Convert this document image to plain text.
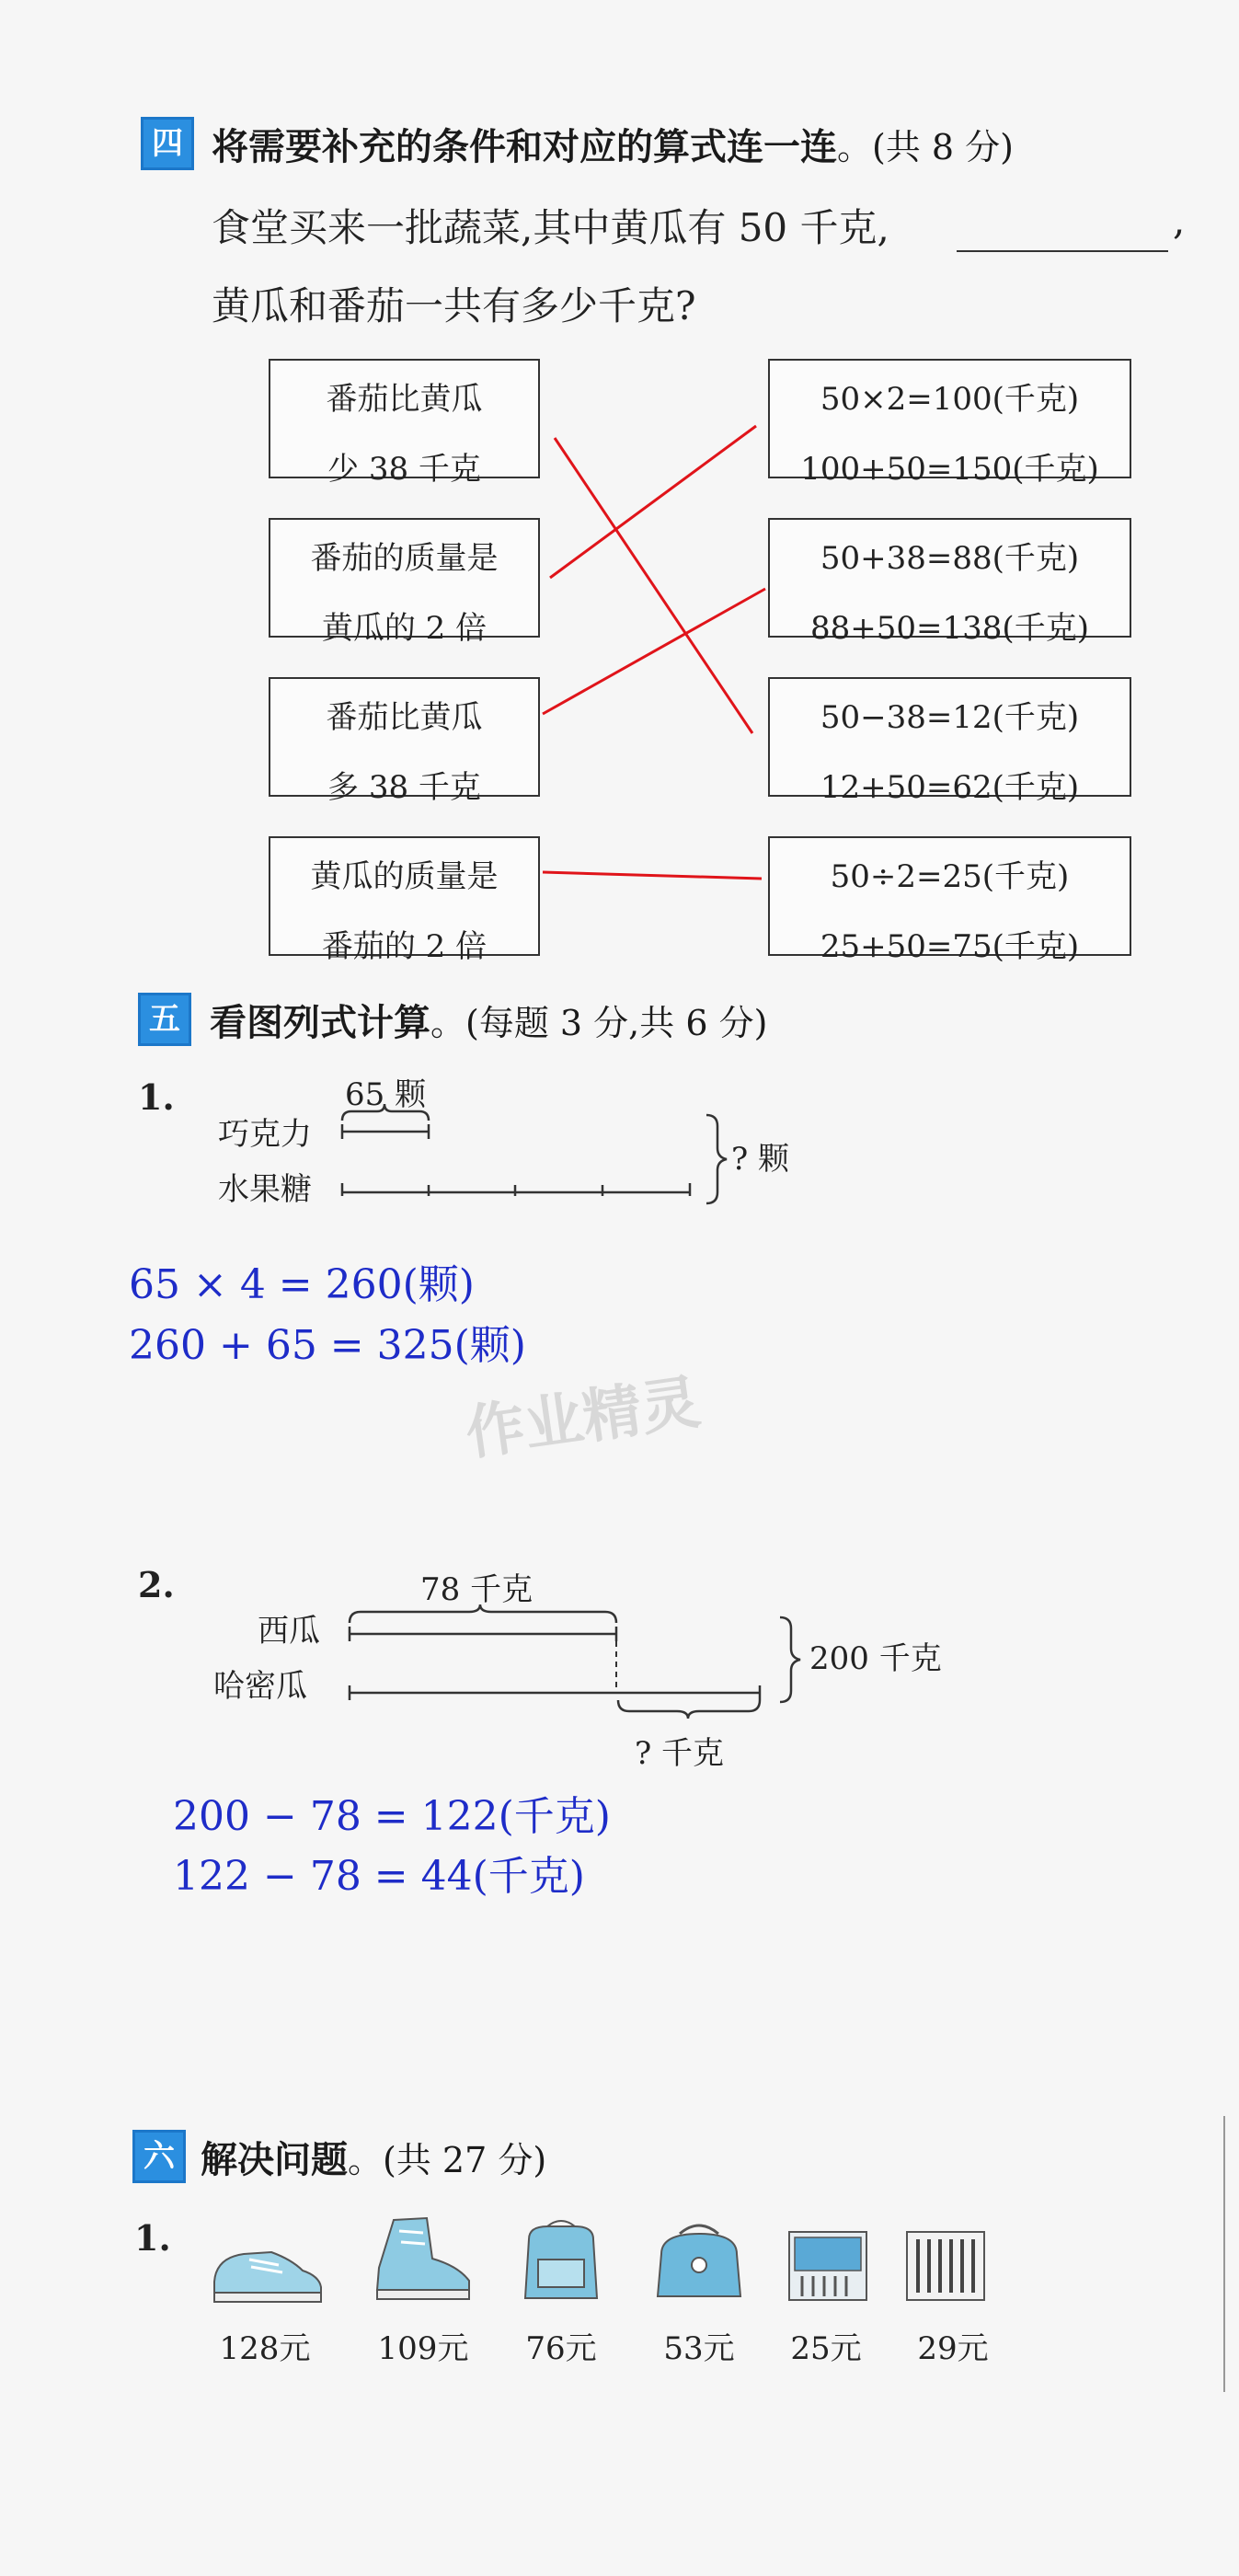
四 将需要补充的条件和对应的算式连一连。(共 8 分)
食堂买来一批蔬菜,其中黄瓜有 50 千克,	,
黄瓜和番茄一共有多少千克?
番茄比黄瓜
少 38 千克
番茄的质量是
黄瓜的 2 倍
番茄比黄瓜
多 38 千克
黄瓜的质量是
番茄的 2 倍
50×2=100(千克)
100+50=150(千克)
50+38=88(千克)
88+50=138(千克)
50−38=12(千克)
12+50=62(千克)
50÷2=25(千克)
25+50=75(千克)
五 看图列式计算。(每题 3 分,共 6 分)
1.	65 颗
巧克力
水果糖
? 颗
65 × 4 = 260(颗)
260 + 65 = 325(颗)
作业精灵
2.	78 千克
西瓜
哈密瓜
200 千克
? 千克
200 − 78 = 122(千克)
122 − 78 = 44(千克)
六 解决问题。(共 27 分)
1.
128元	109元	76元	53元	25元	29元
